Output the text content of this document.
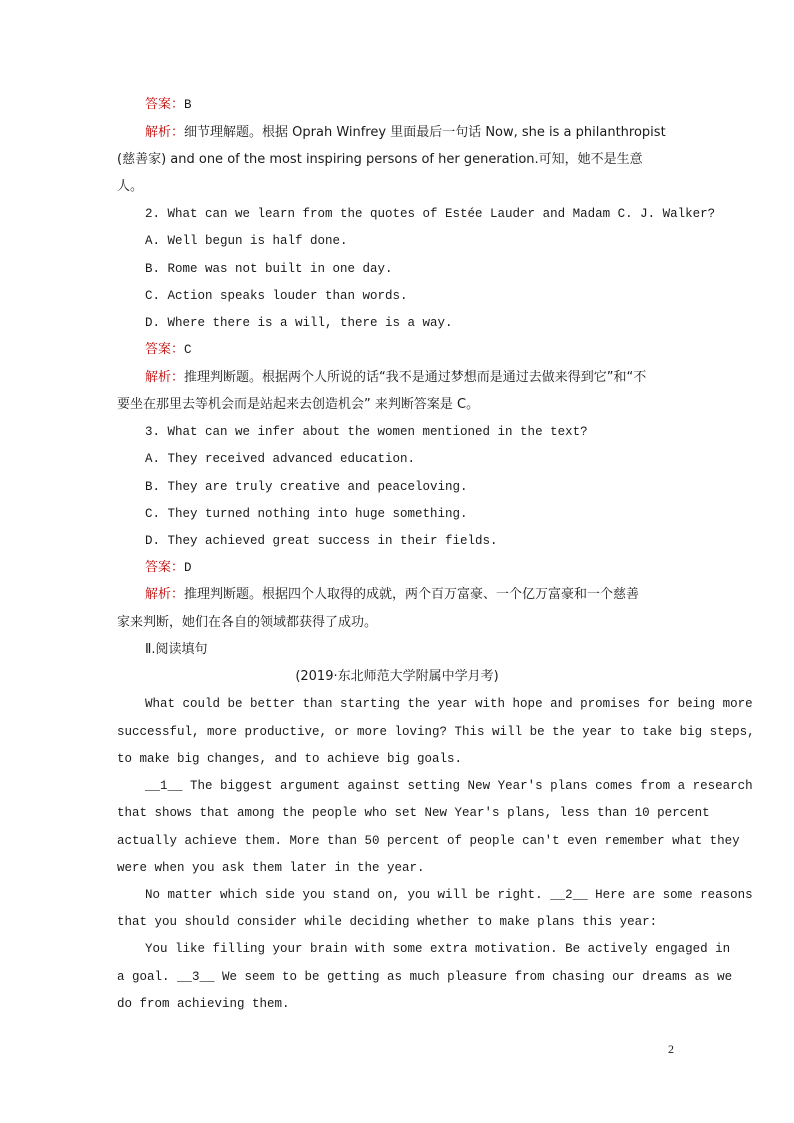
答案：B
解析：细节理解题。根据 Oprah Winfrey 里面最后一句话 Now, she is a philanthropist
(慈善家) and one of the most inspiring persons of her generation.可知，她不是生意
人。
2. What can we learn from the quotes of Estée Lauder and Madam C. J. Walker?
A. Well begun is half done.
B. Rome was not built in one day.
C. Action speaks louder than words.
D. Where there is a will, there is a way.
答案：C
解析：推理判断题。根据两个人所说的话“我不是通过梦想而是通过去做来得到它”和“不
要坐在那里去等机会而是站起来去创造机会” 来判断答案是 C。
3. What can we infer about the women mentioned in the text?
A. They received advanced education.
B. They are truly creative and peaceloving.
C. They turned nothing into huge something.
D. They achieved great success in their fields.
答案：D
解析：推理判断题。根据四个人取得的成就，两个百万富豪、一个亿万富豪和一个慈善
家来判断，她们在各自的领域都获得了成功。
Ⅱ.阅读填句
(2019·东北师范大学附属中学月考)
What could be better than starting the year with hope and promises for being more
successful, more productive, or more loving? This will be the year to take big steps,
to make big changes, and to achieve big goals.
__1__ The biggest argument against setting New Year's plans comes from a research
that shows that among the people who set New Year's plans, less than 10 percent
actually achieve them. More than 50 percent of people can't even remember what they
were when you ask them later in the year.
No matter which side you stand on, you will be right. __2__ Here are some reasons
that you should consider while deciding whether to make plans this year:
You like filling your brain with some extra motivation. Be actively engaged in
a goal. __3__ We seem to be getting as much pleasure from chasing our dreams as we
do from achieving them.
2
